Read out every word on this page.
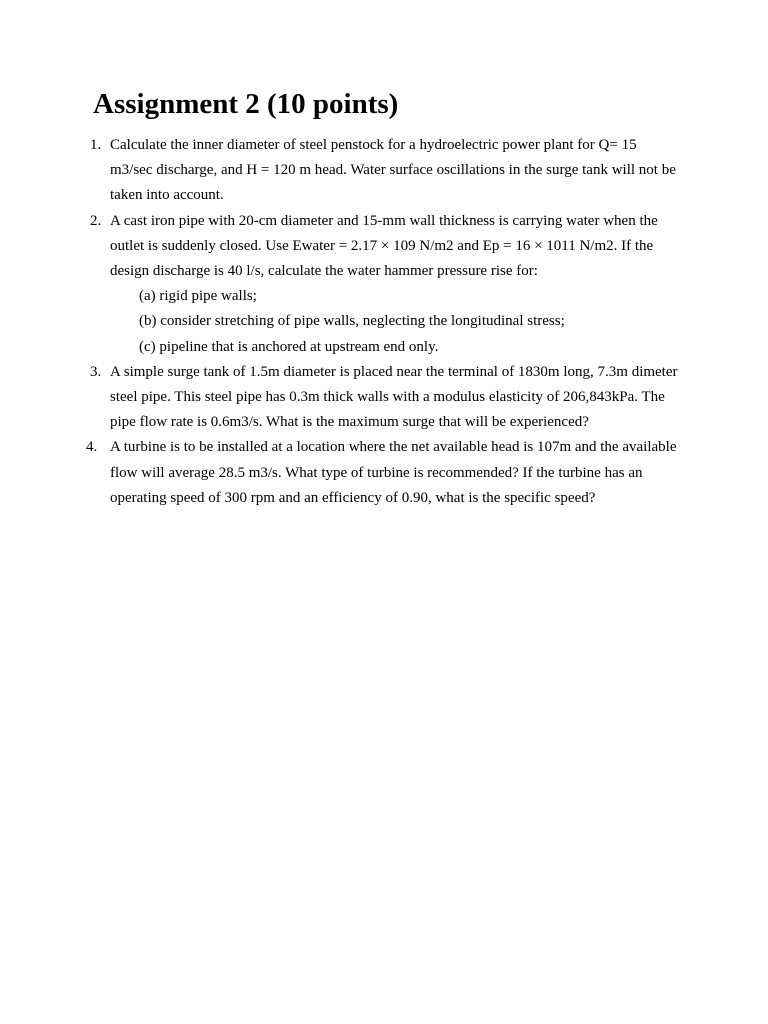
Assignment 2 (10 points)
1. Calculate the inner diameter of steel penstock for a hydroelectric power plant for Q= 15 m3/sec discharge, and H = 120 m head. Water surface oscillations in the surge tank will not be taken into account.
2. A cast iron pipe with 20-cm diameter and 15-mm wall thickness is carrying water when the outlet is suddenly closed. Use Ewater = 2.17 × 109 N/m2 and Ep = 16 × 1011 N/m2. If the design discharge is 40 l/s, calculate the water hammer pressure rise for:
(a) rigid pipe walls;
(b) consider stretching of pipe walls, neglecting the longitudinal stress;
(c) pipeline that is anchored at upstream end only.
3. A simple surge tank of 1.5m diameter is placed near the terminal of 1830m long, 7.3m dimeter steel pipe. This steel pipe has 0.3m thick walls with a modulus elasticity of 206,843kPa. The pipe flow rate is 0.6m3/s. What is the maximum surge that will be experienced?
4. A turbine is to be installed at a location where the net available head is 107m and the available flow will average 28.5 m3/s. What type of turbine is recommended? If the turbine has an operating speed of 300 rpm and an efficiency of 0.90, what is the specific speed?
